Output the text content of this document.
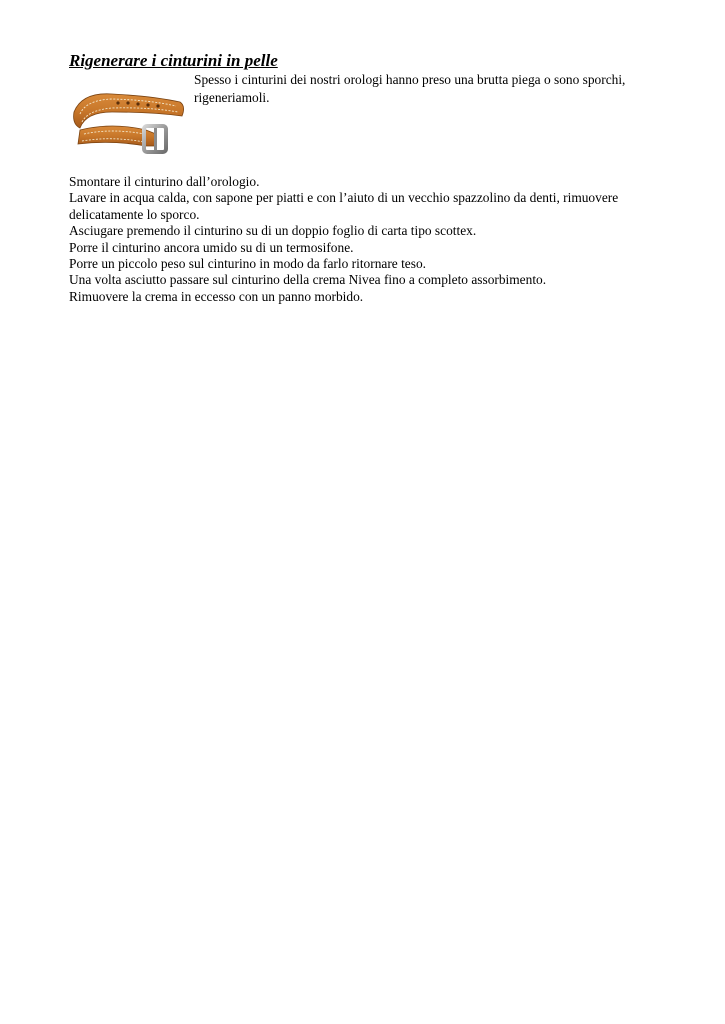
Rigenerare i cinturini in pelle
Spesso i cinturini dei nostri orologi hanno preso una brutta piega o sono sporchi, rigeneriamoli.
Smontare il cinturino dall’orologio.
Lavare in acqua calda, con sapone per piatti e con l’aiuto di un vecchio spazzolino da denti, rimuovere delicatamente lo sporco.
Asciugare premendo il cinturino su di un doppio foglio di carta tipo scottex.
Porre il cinturino ancora umido su di un termosifone.
Porre un piccolo peso sul cinturino in modo da farlo ritornare teso.
Una volta asciutto passare sul cinturino della crema Nivea fino a completo assorbimento.
Rimuovere la crema in eccesso con un panno morbido.
